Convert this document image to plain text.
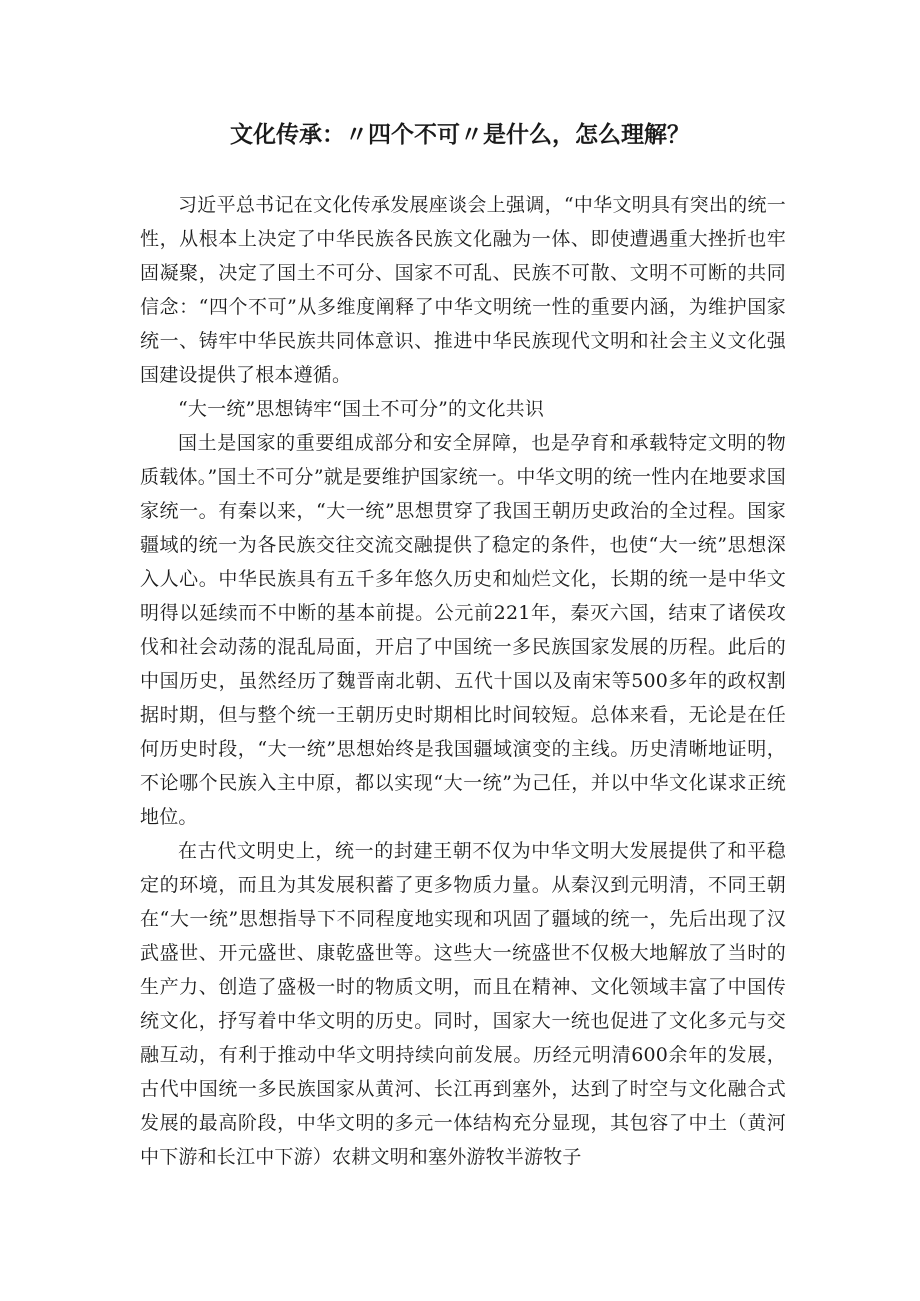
文化传承：〃四个不可〃是什么，怎么理解？

习近平总书记在文化传承发展座谈会上强调，“中华文明具有突出的统一性，从根本上决定了中华民族各民族文化融为一体、即使遭遇重大挫折也牢固凝聚，决定了国土不可分、国家不可乱、民族不可散、文明不可断的共同信念：“四个不可”从多维度阐释了中华文明统一性的重要内涵，为维护国家统一、铸牢中华民族共同体意识、推进中华民族现代文明和社会主义文化强国建设提供了根本遵循。

“大一统”思想铸牢“国土不可分”的文化共识

国土是国家的重要组成部分和安全屏障，也是孕育和承载特定文明的物质载体。”国土不可分”就是要维护国家统一。中华文明的统一性内在地要求国家统一。有秦以来，“大一统”思想贯穿了我国王朝历史政治的全过程。国家疆域的统一为各民族交往交流交融提供了稳定的条件，也使“大一统”思想深入人心。中华民族具有五千多年悠久历史和灿烂文化，长期的统一是中华文明得以延续而不中断的基本前提。公元前221年，秦灭六国，结束了诸侯攻伐和社会动荡的混乱局面，开启了中国统一多民族国家发展的历程。此后的中国历史，虽然经历了魏晋南北朝、五代十国以及南宋等500多年的政权割据时期，但与整个统一王朝历史时期相比时间较短。总体来看，无论是在任何历史时段，“大一统”思想始终是我国疆域演变的主线。历史清晰地证明，不论哪个民族入主中原，都以实现“大一统”为己任，并以中华文化谋求正统地位。

在古代文明史上，统一的封建王朝不仅为中华文明大发展提供了和平稳定的环境，而且为其发展积蓄了更多物质力量。从秦汉到元明清，不同王朝在“大一统”思想指导下不同程度地实现和巩固了疆域的统一，先后出现了汉武盛世、开元盛世、康乾盛世等。这些大一统盛世不仅极大地解放了当时的生产力、创造了盛极一时的物质文明，而且在精神、文化领域丰富了中国传统文化，抒写着中华文明的历史。同时，国家大一统也促进了文化多元与交融互动，有利于推动中华文明持续向前发展。历经元明清600余年的发展，古代中国统一多民族国家从黄河、长江再到塞外，达到了时空与文化融合式发展的最高阶段，中华文明的多元一体结构充分显现，其包容了中土（黄河中下游和长江中下游）农耕文明和塞外游牧半游牧子
